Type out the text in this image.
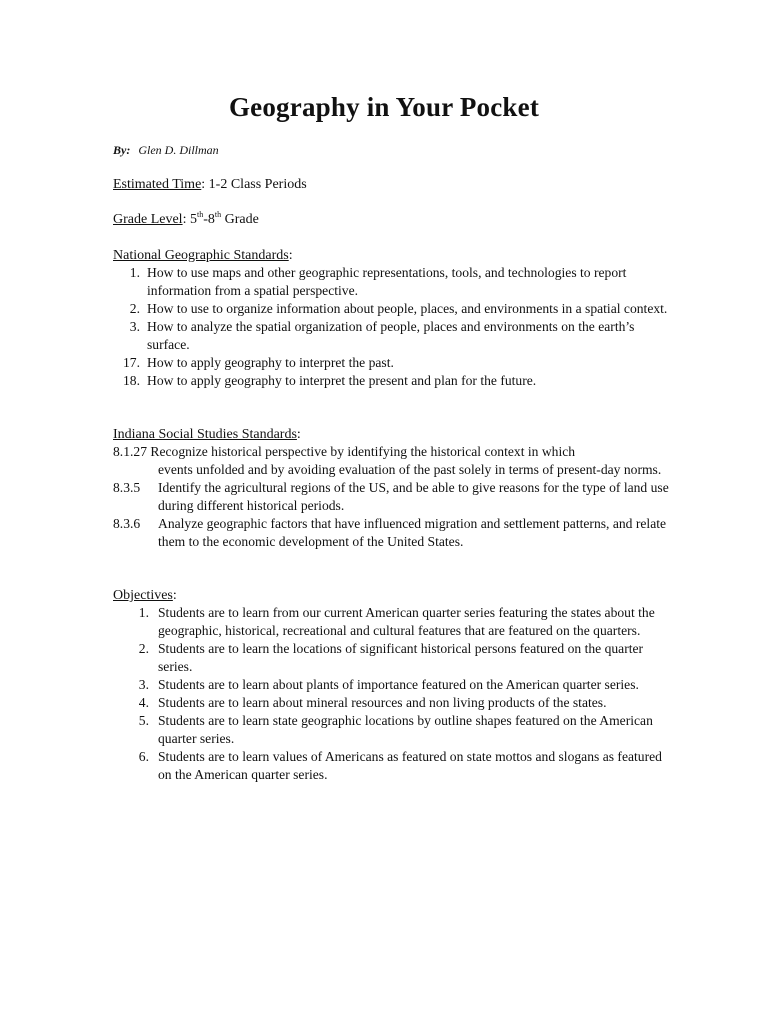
Geography in Your Pocket
By: Glen D. Dillman
Estimated Time: 1-2 Class Periods
Grade Level: 5th-8th Grade
National Geographic Standards:
1. How to use maps and other geographic representations, tools, and technologies to report information from a spatial perspective.
2. How to use to organize information about people, places, and environments in a spatial context.
3. How to analyze the spatial organization of people, places and environments on the earth’s surface.
17. How to apply geography to interpret the past.
18. How to apply geography to interpret the present and plan for the future.
Indiana Social Studies Standards:
8.1.27 Recognize historical perspective by identifying the historical context in which
events unfolded and by avoiding evaluation of the past solely in terms of present-day norms.
8.3.5	Identify the agricultural regions of the US, and be able to give reasons for the type of land use during different historical periods.
8.3.6	Analyze geographic factors that have influenced migration and settlement patterns, and relate them to the economic development of the United States.
Objectives:
1. Students are to learn from our current American quarter series featuring the states about the geographic, historical, recreational and cultural features that are featured on the quarters.
2. Students are to learn the locations of significant historical persons featured on the quarter series.
3. Students are to learn about plants of importance featured on the American quarter series.
4. Students are to learn about mineral resources and non living products of the states.
5. Students are to learn state geographic locations by outline shapes featured on the American quarter series.
6. Students are to learn values of Americans as featured on state mottos and slogans as featured on the American quarter series.
